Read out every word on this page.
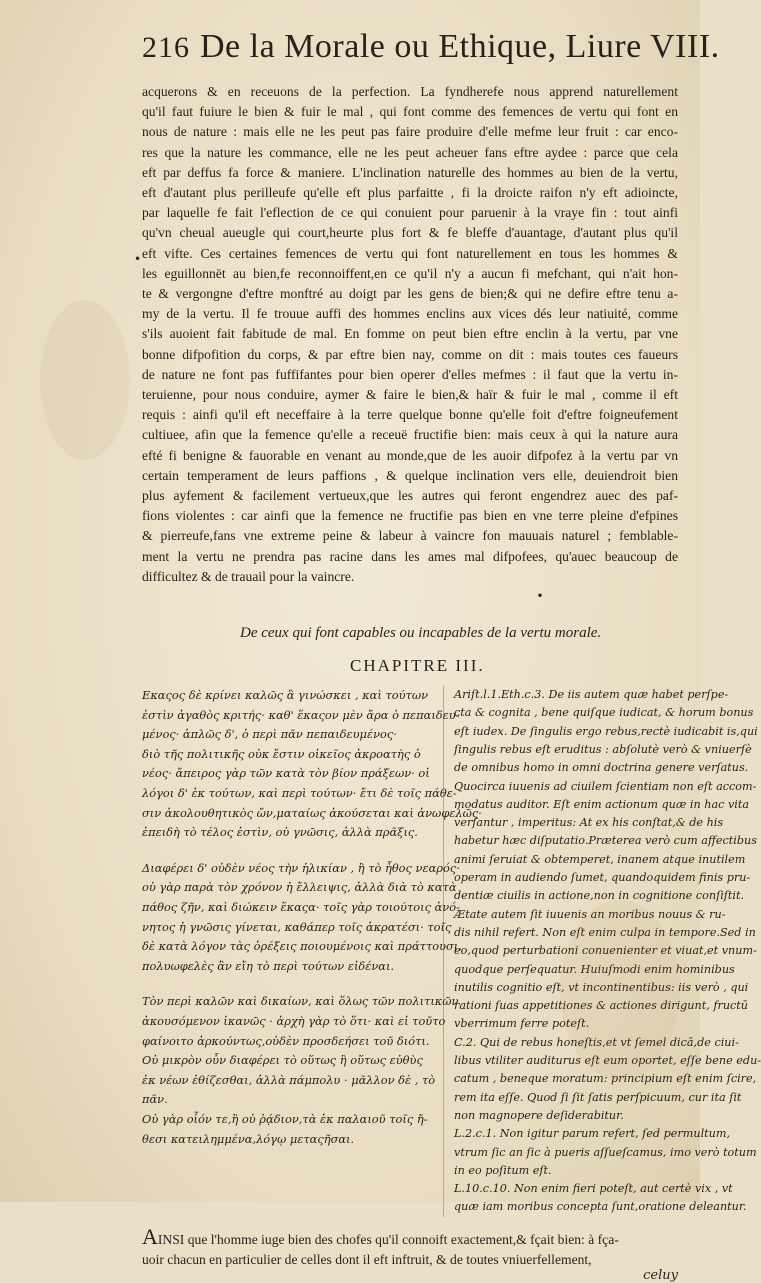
216 De la Morale ou Ethique, Liure VIII.
•
acquerons & en receuons de la perfection. La fyndherefe nous apprend naturellement
qu'il faut fuiure le bien & fuir le mal , qui font comme des femences de vertu qui font en
nous de nature : mais elle ne les peut pas faire produire d'elle mefme leur fruit : car enco-
res que la nature les commance, elle ne les peut acheuer fans eftre aydee : parce que cela
eft par deffus fa force & maniere. L'inclination naturelle des hommes au bien de la vertu,
eft d'autant plus perilleufe qu'elle eft plus parfaitte , fi la droicte raifon n'y eft adioincte,
par laquelle fe fait l'eflection de ce qui conuient pour paruenir à la vraye fin : tout ainfi
qu'vn cheual aueugle qui court,heurte plus fort & fe bleffe d'auantage, d'autant plus qu'il
eft vifte. Ces certaines femences de vertu qui font naturellement en tous les hommes &
les eguillonnët au bien,fe reconnoiffent,en ce qu'il n'y a aucun fi mefchant, qui n'ait hon-
te & vergongne d'eftre monftré au doigt par les gens de bien;& qui ne defire eftre tenu a-
my de la vertu. Il fe trouue auffi des hommes enclins aux vices dés leur natiuité, comme
s'ils auoient fait fabitude de mal. En fomme on peut bien eftre enclin à la vertu, par vne
bonne difpofition du corps, & par eftre bien nay, comme on dit : mais toutes ces faueurs
de nature ne font pas fuffifantes pour bien operer d'elles mefmes : il faut que la vertu in-
teruienne, pour nous conduire, aymer & faire le bien,& haïr & fuir le mal , comme il eft
requis : ainfi qu'il eft neceffaire à la terre quelque bonne qu'elle foit d'eftre foigneufement
cultiuee, afin que la femence qu'elle a receuë fructifie bien: mais ceux à qui la nature aura
efté fi benigne & fauorable en venant au monde,que de les auoir difpofez à la vertu par vn
certain temperament de leurs paffions , & quelque inclination vers elle, deuiendroit bien
plus ayfement & facilement vertueux,que les autres qui feront engendrez auec des paf-
fions violentes : car ainfi que la femence ne fructifie pas bien en vne terre pleine d'efpines
& pierreufe,fans vne extreme peine & labeur à vaincre fon mauuais naturel ; femblable-
ment la vertu ne prendra pas racine dans les ames mal difpofees, qu'auec beaucoup de
difficultez & de trauail pour la vaincre.
•
De ceux qui font capables ou incapables de la vertu morale.
CHAPITRE III.
Εκαςος δὲ κρίνει καλῶς ἃ γινώσκει , καὶ τούτων
ἐστὶν ἀγαθὸς κριτής· καθ' ἕκαςον μὲν ἄρα ὁ πεπαιδευ-
μένος· ἁπλῶς δ', ὁ περὶ πᾶν πεπαιδευμένος·
διὸ τῆς πολιτικῆς οὐκ ἔστιν οἰκεῖος ἀκροατὴς ὁ
νέος· ἄπειρος γὰρ τῶν κατὰ τὸν βίον πράξεων· οἱ
λόγοι δ' ἐκ τούτων, καὶ περὶ τούτων· ἔτι δὲ τοῖς πάθε-
σιν ἀκολουθητικὸς ὤν,ματαίως ἀκούσεται καὶ ἀνωφελῶς·
ἐπειδὴ τὸ τέλος ἐστὶν, οὐ γνῶσις, ἀλλὰ πρᾶξις.
Διαφέρει δ' οὐδὲν νέος τὴν ἡλικίαν , ἢ τὸ ἦθος νεαρός·
οὐ γὰρ παρὰ τὸν χρόνον ἡ ἔλλειψις, ἀλλὰ διὰ τὸ κατὰ
πάθος ζῆν, καὶ διώκειν ἕκαςα· τοῖς γὰρ τοιούτοις ἀνό-
νητος ἡ γνῶσις γίνεται, καθάπερ τοῖς ἀκρατέσι· τοῖς
δὲ κατὰ λόγον τὰς ὀρέξεις ποιουμένοις καὶ πράττουσι,
πολυωφελὲς ἂν εἴη τὸ περὶ τούτων εἰδέναι.
Τὸν περὶ καλῶν καὶ δικαίων, καὶ ὅλως τῶν πολιτικῶν
ἀκουσόμενον ἱκανῶς · ἀρχὴ γὰρ τὸ ὅτι· καὶ εἰ τοῦτο
φαίνοιτο ἀρκούντως,οὐδὲν προσδεήσει τοῦ διότι.
Οὐ μικρὸν οὖν διαφέρει τὸ οὕτως ἢ οὕτως εὐθὺς
ἐκ νέων ἐθίζεσθαι, ἀλλὰ πάμπολυ · μᾶλλον δὲ , τὸ
πᾶν.
Οὐ γὰρ οἷόν τε,ἢ οὐ ῥᾴδιον,τὰ ἐκ παλαιοῦ τοῖς ἤ-
θεσι κατειλημμένα,λόγῳ μεταςῆσαι.
Ariſt.l.1.Eth.c.3. De iis autem quæ habet perſpe-
cta & cognita , bene quiſque iudicat, & horum bonus
eſt iudex. De ſingulis ergo rebus,rectè iudicabit is,qui
ſingulis rebus eſt eruditus : abſolutè verò & vniuerſè
de omnibus homo in omni doctrina genere verſatus.
Quocirca iuuenis ad ciuilem ſcientiam non eſt accom-
modatus auditor. Eſt enim actionum quæ in hac vita
verſantur , imperitus: At ex his conſtat,& de his
habetur hæc diſputatio.Præterea verò cum affectibus
animi ſeruiat & obtemperet, inanem atque inutilem
operam in audiendo ſumet, quandoquidem finis pru-
dentiæ ciuilis in actione,non in cognitione conſiſtit.
Ætate autem ſit iuuenis an moribus nouus & ru-
dis nihil refert. Non eſt enim culpa in tempore.Sed in
eo,quod perturbationi conuenienter et viuat,et vnum-
quodque perſequatur. Huiuſmodi enim hominibus
inutilis cognitio eſt, vt incontinentibus: iis verò , qui
rationi ſuas appetitiones & actiones dirigunt, fructū
vberrimum ferre poteſt.
C.2. Qui de rebus honeſtis,et vt ſemel dicā,de ciui-
libus vtiliter auditurus eſt eum oportet, eſſe bene edu-
catum , beneque moratum: principium eſt enim ſcire,
rem ita eſſe. Quod ſi ſit ſatis perſpicuum, cur ita ſit
non magnopere deſiderabitur.
L.2.c.1. Non igitur parum refert, ſed permultum,
vtrum ſic an ſic à pueris aſſueſcamus, imo verò totum
in eo poſitum eſt.
L.10.c.10. Non enim fieri poteſt, aut certè vix , vt
quæ iam moribus concepta ſunt,oratione deleantur.
AINSI que l'homme iuge bien des chofes qu'il connoift exactement,& fçait bien: à fça-
uoir chacun en particulier de celles dont il eft inftruit, & de toutes vniuerfellement,
celuy
